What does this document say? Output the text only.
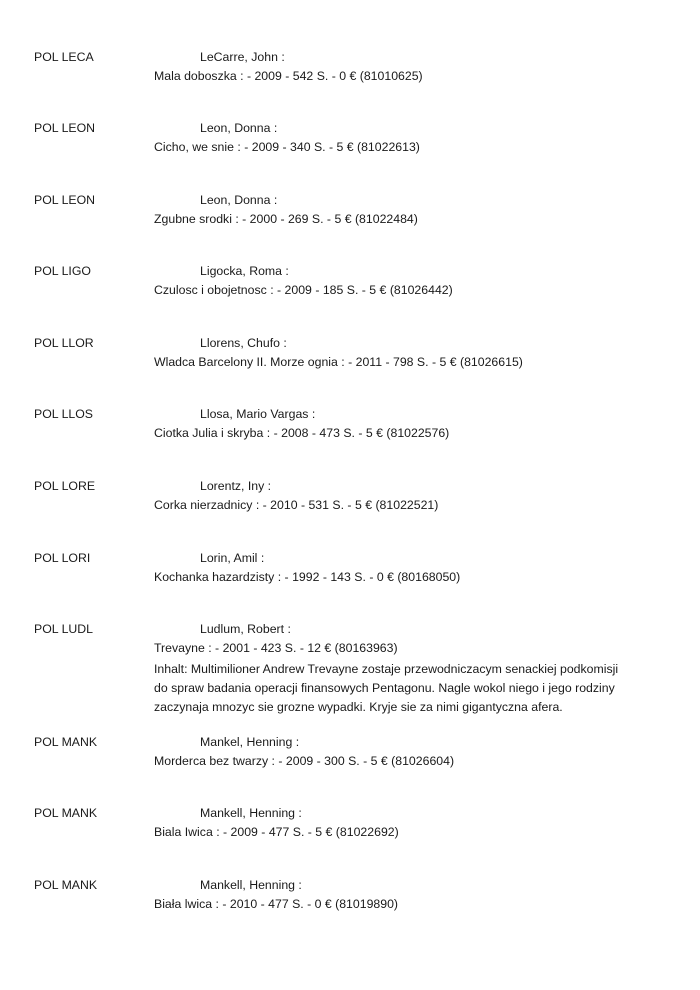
POL LECA	LeCarre, John :
Mala doboszka : - 2009 - 542 S. - 0 € (81010625)
POL LEON	Leon, Donna :
Cicho, we snie : - 2009 - 340 S. - 5 € (81022613)
POL LEON	Leon, Donna :
Zgubne srodki : - 2000 - 269 S. - 5 € (81022484)
POL LIGO	Ligocka, Roma :
Czulosc i obojetnosc : - 2009 - 185 S. - 5 € (81026442)
POL LLOR	Llorens, Chufo :
Wladca Barcelony II. Morze ognia : - 2011 - 798 S. - 5 € (81026615)
POL LLOS	Llosa, Mario Vargas :
Ciotka Julia i skryba : - 2008 - 473 S. - 5 € (81022576)
POL LORE	Lorentz, Iny :
Corka nierzadnicy : - 2010 - 531 S. - 5 € (81022521)
POL LORI	Lorin, Amil :
Kochanka hazardzisty : - 1992 - 143 S. - 0 € (80168050)
POL LUDL	Ludlum, Robert :
Trevayne : - 2001 - 423 S. - 12 € (80163963)
Inhalt: Multimilioner Andrew Trevayne zostaje przewodniczacym senackiej podkomisji do spraw badania operacji finansowych Pentagonu. Nagle wokol niego i jego rodziny zaczynaja mnozyc sie grozne wypadki. Kryje sie za nimi gigantyczna afera.
POL MANK	Mankel, Henning :
Morderca bez twarzy : - 2009 - 300 S. - 5 € (81026604)
POL MANK	Mankell, Henning :
Biala Iwica : - 2009 - 477 S. - 5 € (81022692)
POL MANK	Mankell, Henning :
Biała lwica : - 2010 - 477 S. - 0 € (81019890)
